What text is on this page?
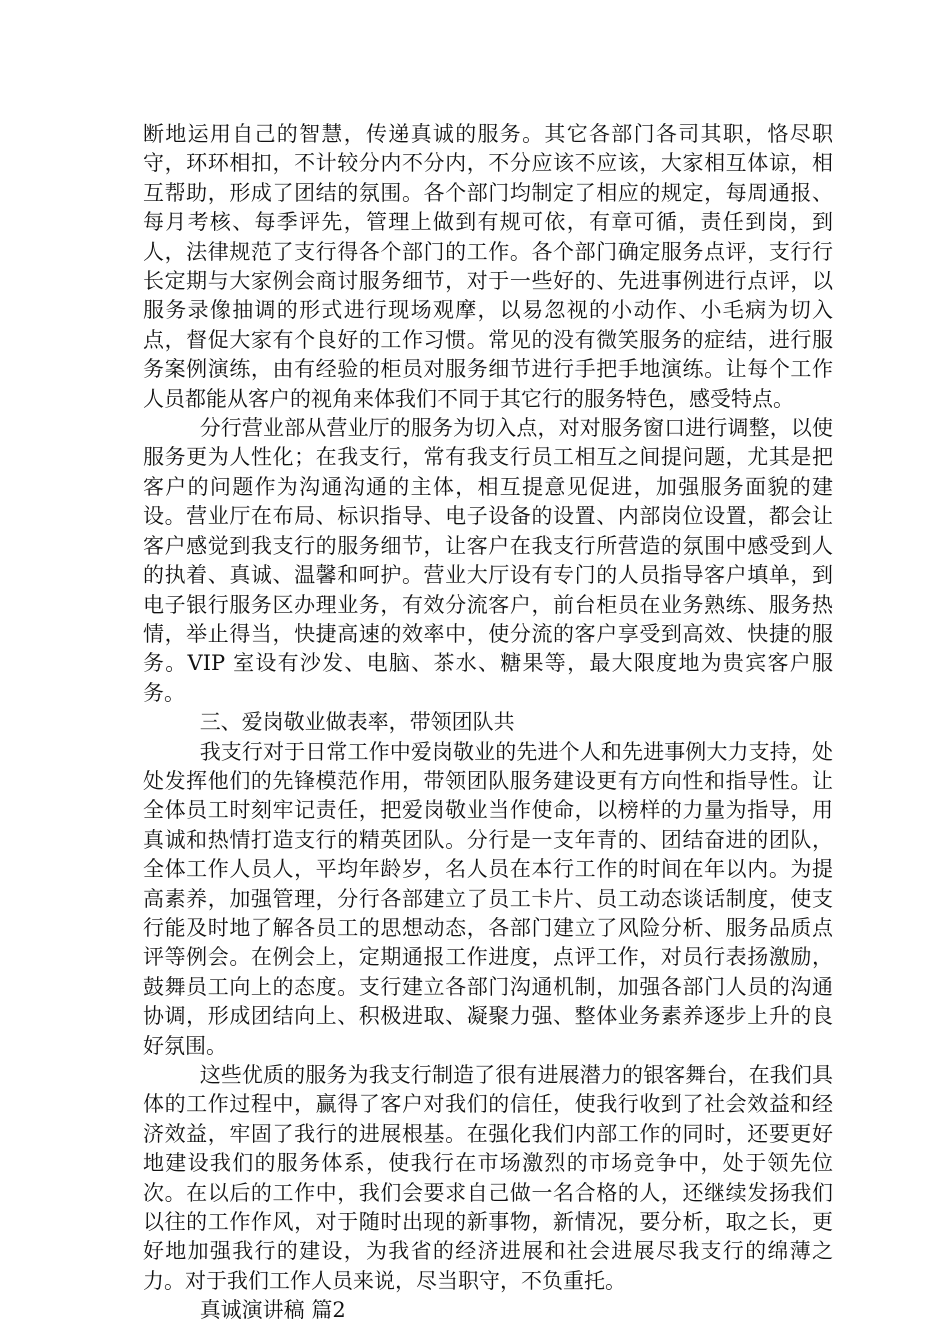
断地运用自己的智慧，传递真诚的服务。其它各部门各司其职，恪尽职守，环环相扣，不计较分内不分内，不分应该不应该，大家相互体谅，相互帮助，形成了团结的氛围。各个部门均制定了相应的规定，每周通报、每月考核、每季评先，管理上做到有规可依，有章可循，责任到岗，到人，法律规范了支行得各个部门的工作。各个部门确定服务点评，支行行长定期与大家例会商讨服务细节，对于一些好的、先进事例进行点评，以服务录像抽调的形式进行现场观摩，以易忽视的小动作、小毛病为切入点，督促大家有个良好的工作习惯。常见的没有微笑服务的症结，进行服务案例演练，由有经验的柜员对服务细节进行手把手地演练。让每个工作人员都能从客户的视角来体我们不同于其它行的服务特色，感受特点。

分行营业部从营业厅的服务为切入点，对对服务窗口进行调整，以使服务更为人性化；在我支行，常有我支行员工相互之间提问题，尤其是把客户的问题作为沟通沟通的主体，相互提意见促进，加强服务面貌的建设。营业厅在布局、标识指导、电子设备的设置、内部岗位设置，都会让客户感觉到我支行的服务细节，让客户在我支行所营造的氛围中感受到人的执着、真诚、温馨和呵护。营业大厅设有专门的人员指导客户填单，到电子银行服务区办理业务，有效分流客户，前台柜员在业务熟练、服务热情，举止得当，快捷高速的效率中，使分流的客户享受到高效、快捷的服务。VIP 室设有沙发、电脑、茶水、糖果等，最大限度地为贵宾客户服务。

三、爱岗敬业做表率，带领团队共

我支行对于日常工作中爱岗敬业的先进个人和先进事例大力支持，处处发挥他们的先锋模范作用，带领团队服务建设更有方向性和指导性。让全体员工时刻牢记责任，把爱岗敬业当作使命，以榜样的力量为指导，用真诚和热情打造支行的精英团队。分行是一支年青的、团结奋进的团队，全体工作人员人，平均年龄岁，名人员在本行工作的时间在年以内。为提高素养，加强管理，分行各部建立了员工卡片、员工动态谈话制度，使支行能及时地了解各员工的思想动态，各部门建立了风险分析、服务品质点评等例会。在例会上，定期通报工作进度，点评工作，对员行表扬激励，鼓舞员工向上的态度。支行建立各部门沟通机制，加强各部门人员的沟通协调，形成团结向上、积极进取、凝聚力强、整体业务素养逐步上升的良好氛围。

这些优质的服务为我支行制造了很有进展潜力的银客舞台，在我们具体的工作过程中，赢得了客户对我们的信任，使我行收到了社会效益和经济效益，牢固了我行的进展根基。在强化我们内部工作的同时，还要更好地建设我们的服务体系，使我行在市场激烈的市场竞争中，处于领先位次。在以后的工作中，我们会要求自己做一名合格的人，还继续发扬我们以往的工作作风，对于随时出现的新事物，新情况，要分析，取之长，更好地加强我行的建设，为我省的经济进展和社会进展尽我支行的绵薄之力。对于我们工作人员来说，尽当职守，不负重托。

真诚演讲稿 篇2
